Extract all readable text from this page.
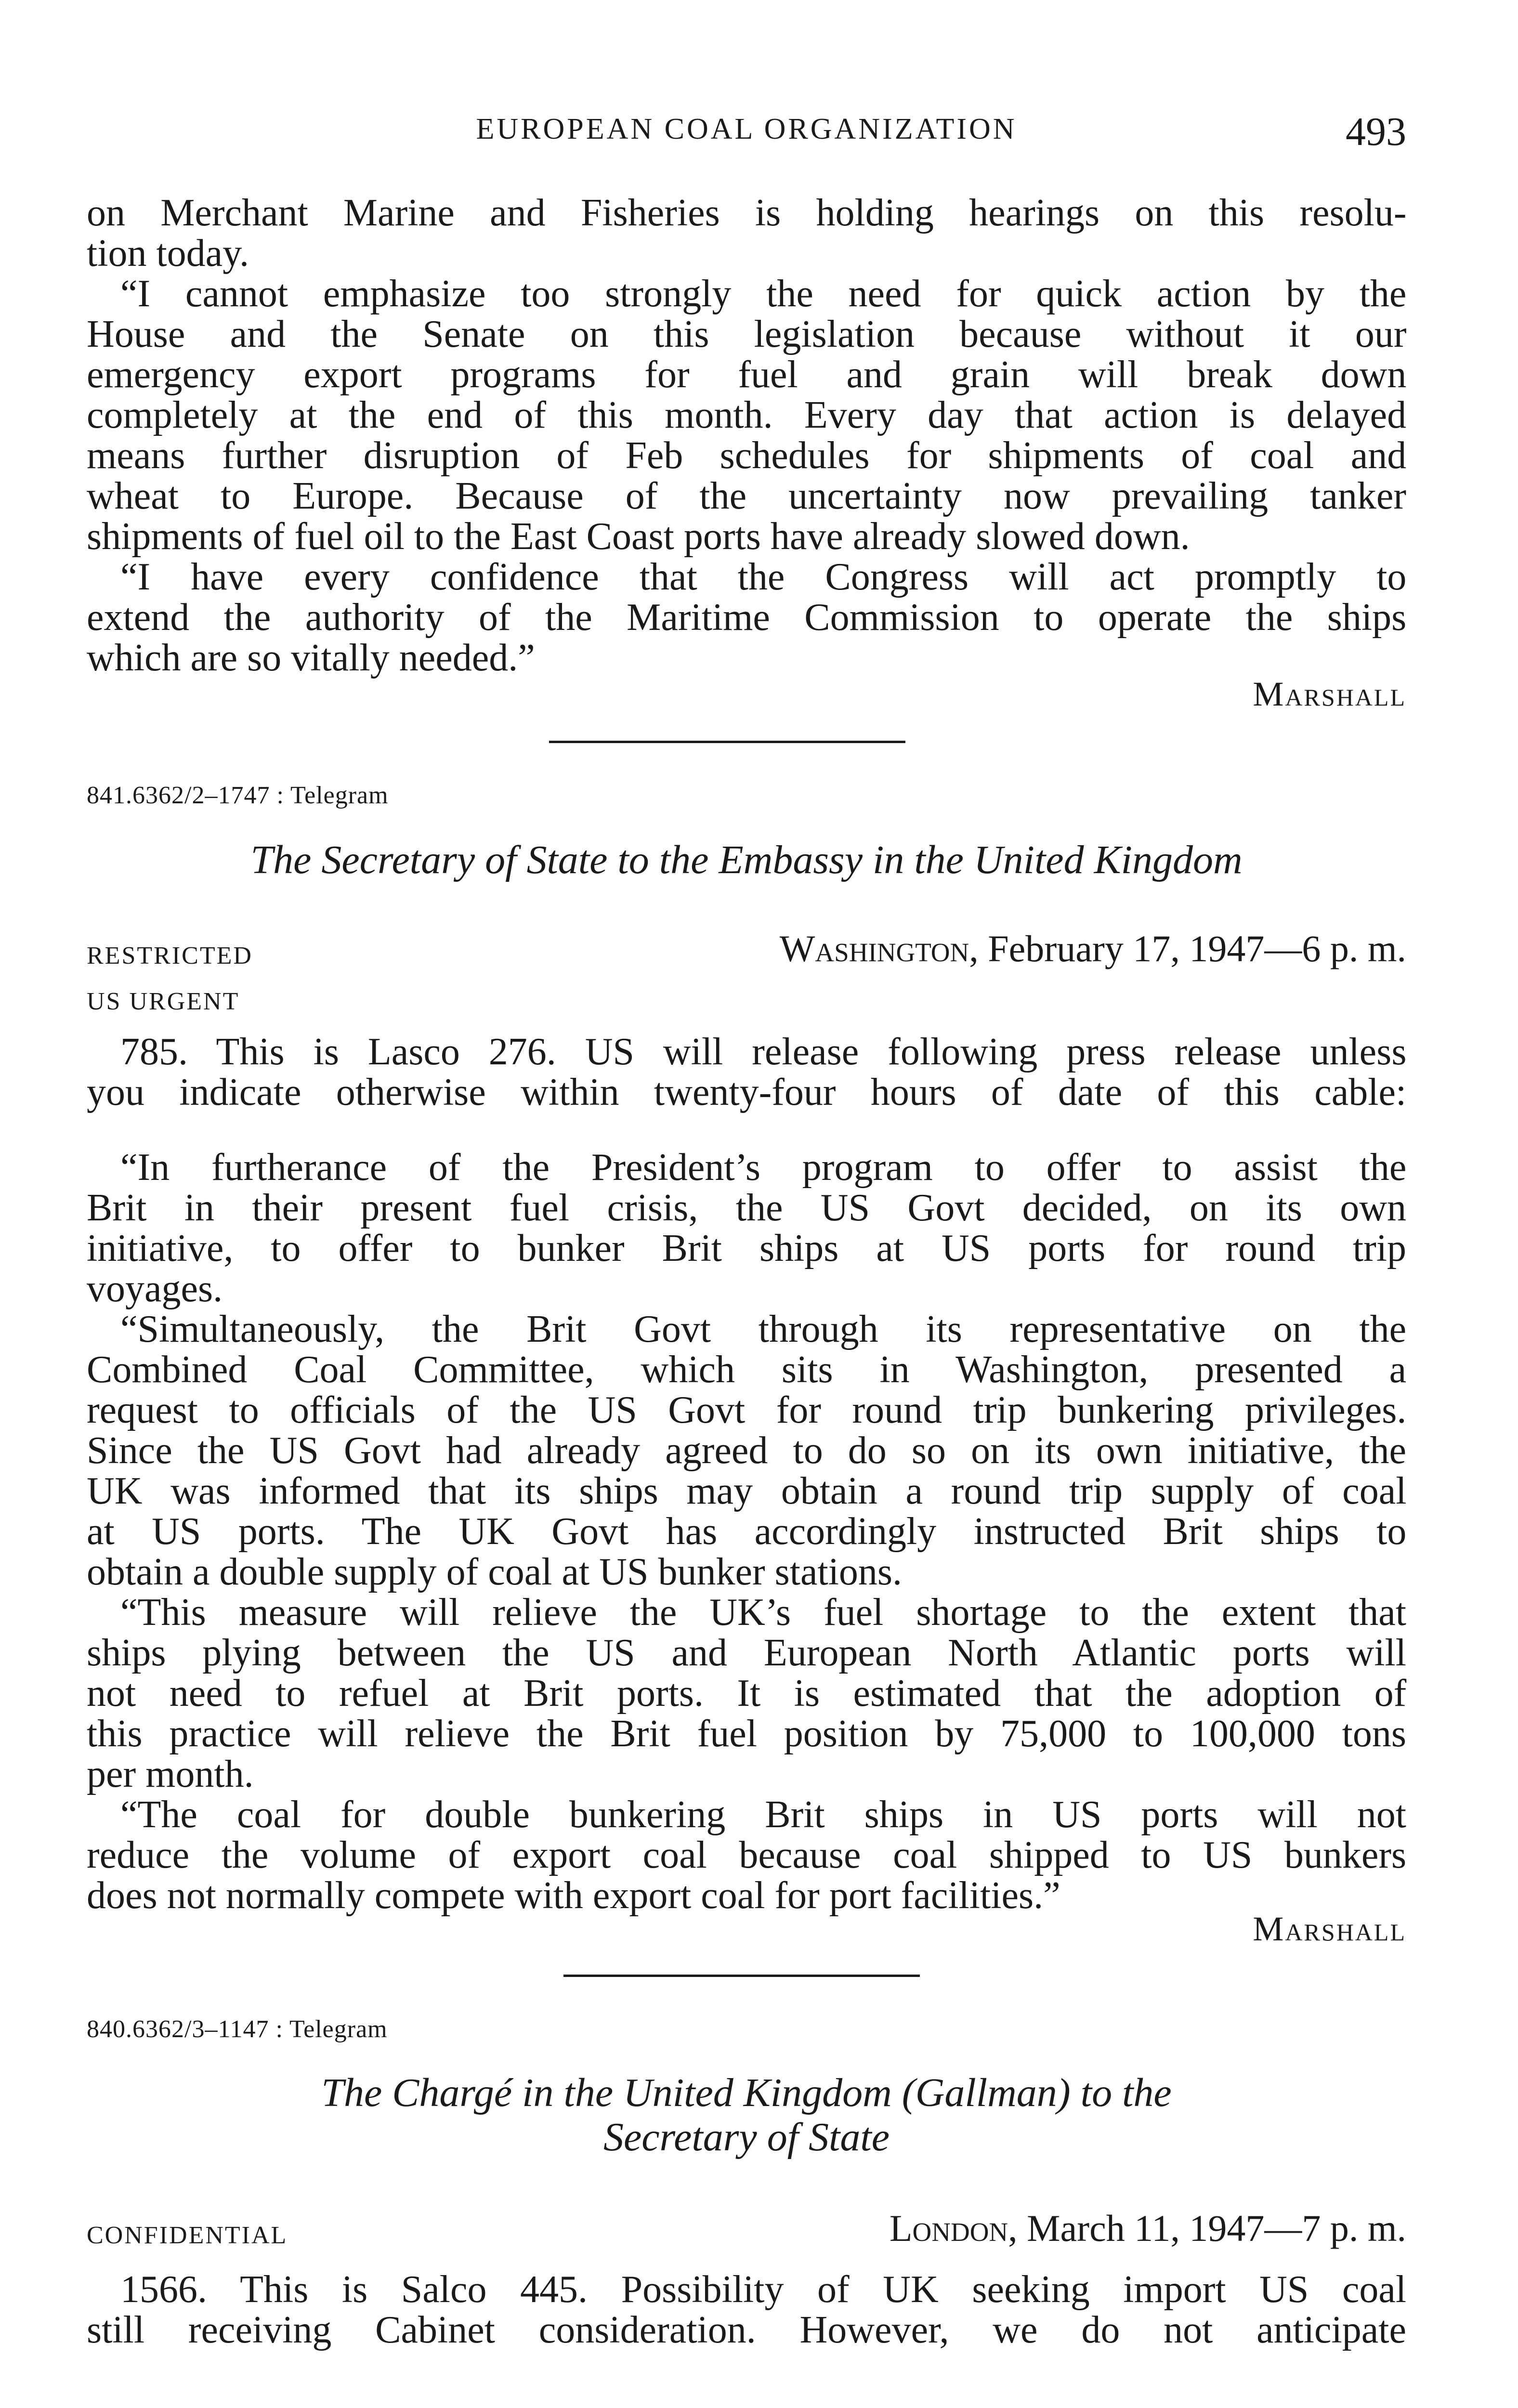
EUROPEAN COAL ORGANIZATION	493
on Merchant Marine and Fisheries is holding hearings on this resolu-
tion today.
“I cannot emphasize too strongly the need for quick action by the
House and the Senate on this legislation because without it our
emergency export programs for fuel and grain will break down
completely at the end of this month. Every day that action is delayed
means further disruption of Feb schedules for shipments of coal and
wheat to Europe. Because of the uncertainty now prevailing tanker
shipments of fuel oil to the East Coast ports have already slowed down.
“I have every confidence that the Congress will act promptly to
extend the authority of the Maritime Commission to operate the ships
which are so vitally needed.”
Marshall
841.6362/2–1747 : Telegram
The Secretary of State to the Embassy in the United Kingdom
RESTRICTED	Washington, February 17, 1947—6 p. m.
US URGENT
785. This is Lasco 276. US will release following press release unless
you indicate otherwise within twenty-four hours of date of this cable:
“In furtherance of the President’s program to offer to assist the
Brit in their present fuel crisis, the US Govt decided, on its own
initiative, to offer to bunker Brit ships at US ports for round trip
voyages.
“Simultaneously, the Brit Govt through its representative on the
Combined Coal Committee, which sits in Washington, presented a
request to officials of the US Govt for round trip bunkering privileges.
Since the US Govt had already agreed to do so on its own initiative, the
UK was informed that its ships may obtain a round trip supply of coal
at US ports. The UK Govt has accordingly instructed Brit ships to
obtain a double supply of coal at US bunker stations.
“This measure will relieve the UK’s fuel shortage to the extent that
ships plying between the US and European North Atlantic ports will
not need to refuel at Brit ports. It is estimated that the adoption of
this practice will relieve the Brit fuel position by 75,000 to 100,000 tons
per month.
“The coal for double bunkering Brit ships in US ports will not
reduce the volume of export coal because coal shipped to US bunkers
does not normally compete with export coal for port facilities.”
Marshall
840.6362/3–1147 : Telegram
The Chargé in the United Kingdom (Gallman) to the
Secretary of State
CONFIDENTIAL	London, March 11, 1947—7 p. m.
1566. This is Salco 445. Possibility of UK seeking import US coal
still receiving Cabinet consideration. However, we do not anticipate
